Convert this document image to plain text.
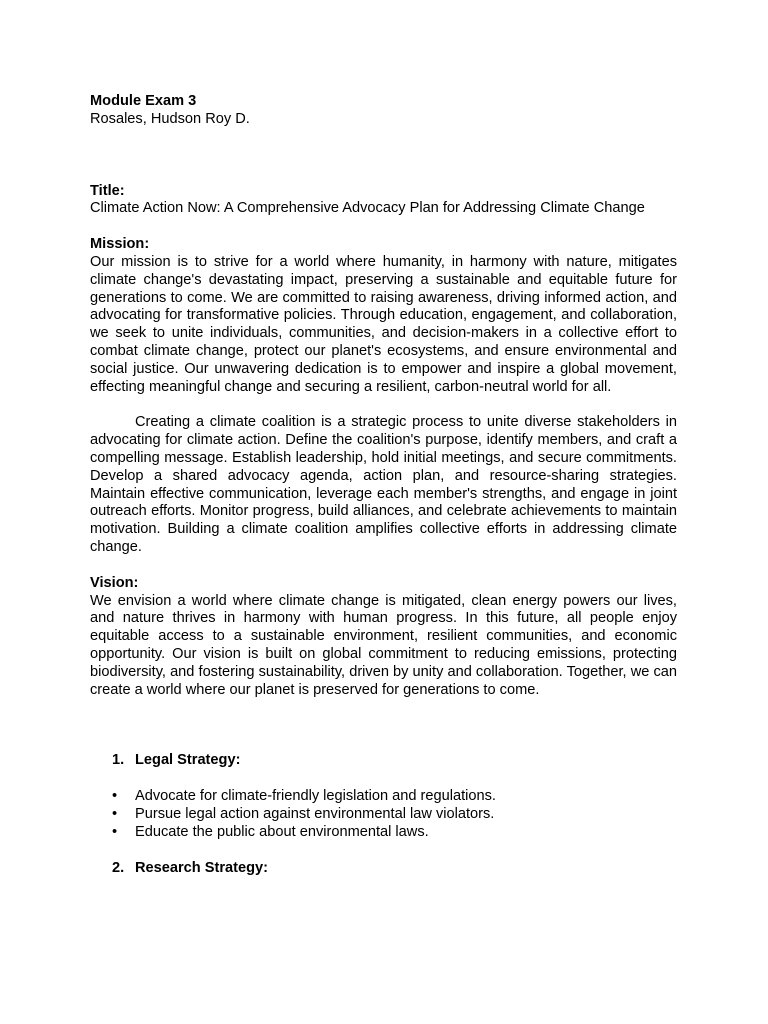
Module Exam 3
Rosales, Hudson Roy D.
Title:
Climate Action Now: A Comprehensive Advocacy Plan for Addressing Climate Change
Mission:

Our mission is to strive for a world where humanity, in harmony with nature, mitigates climate change's devastating impact, preserving a sustainable and equitable future for generations to come. We are committed to raising awareness, driving informed action, and advocating for transformative policies. Through education, engagement, and collaboration, we seek to unite individuals, communities, and decision-makers in a collective effort to combat climate change, protect our planet's ecosystems, and ensure environmental and social justice. Our unwavering dedication is to empower and inspire a global movement, effecting meaningful change and securing a resilient, carbon-neutral world for all.

Creating a climate coalition is a strategic process to unite diverse stakeholders in advocating for climate action. Define the coalition's purpose, identify members, and craft a compelling message. Establish leadership, hold initial meetings, and secure commitments. Develop a shared advocacy agenda, action plan, and resource-sharing strategies. Maintain effective communication, leverage each member's strengths, and engage in joint outreach efforts. Monitor progress, build alliances, and celebrate achievements to maintain motivation. Building a climate coalition amplifies collective efforts in addressing climate change.

Vision:

We envision a world where climate change is mitigated, clean energy powers our lives, and nature thrives in harmony with human progress. In this future, all people enjoy equitable access to a sustainable environment, resilient communities, and economic opportunity. Our vision is built on global commitment to reducing emissions, protecting biodiversity, and fostering sustainability, driven by unity and collaboration. Together, we can create a world where our planet is preserved for generations to come.

1. Legal Strategy:

• Advocate for climate-friendly legislation and regulations.
• Pursue legal action against environmental law violators.
• Educate the public about environmental laws.

2. Research Strategy:
